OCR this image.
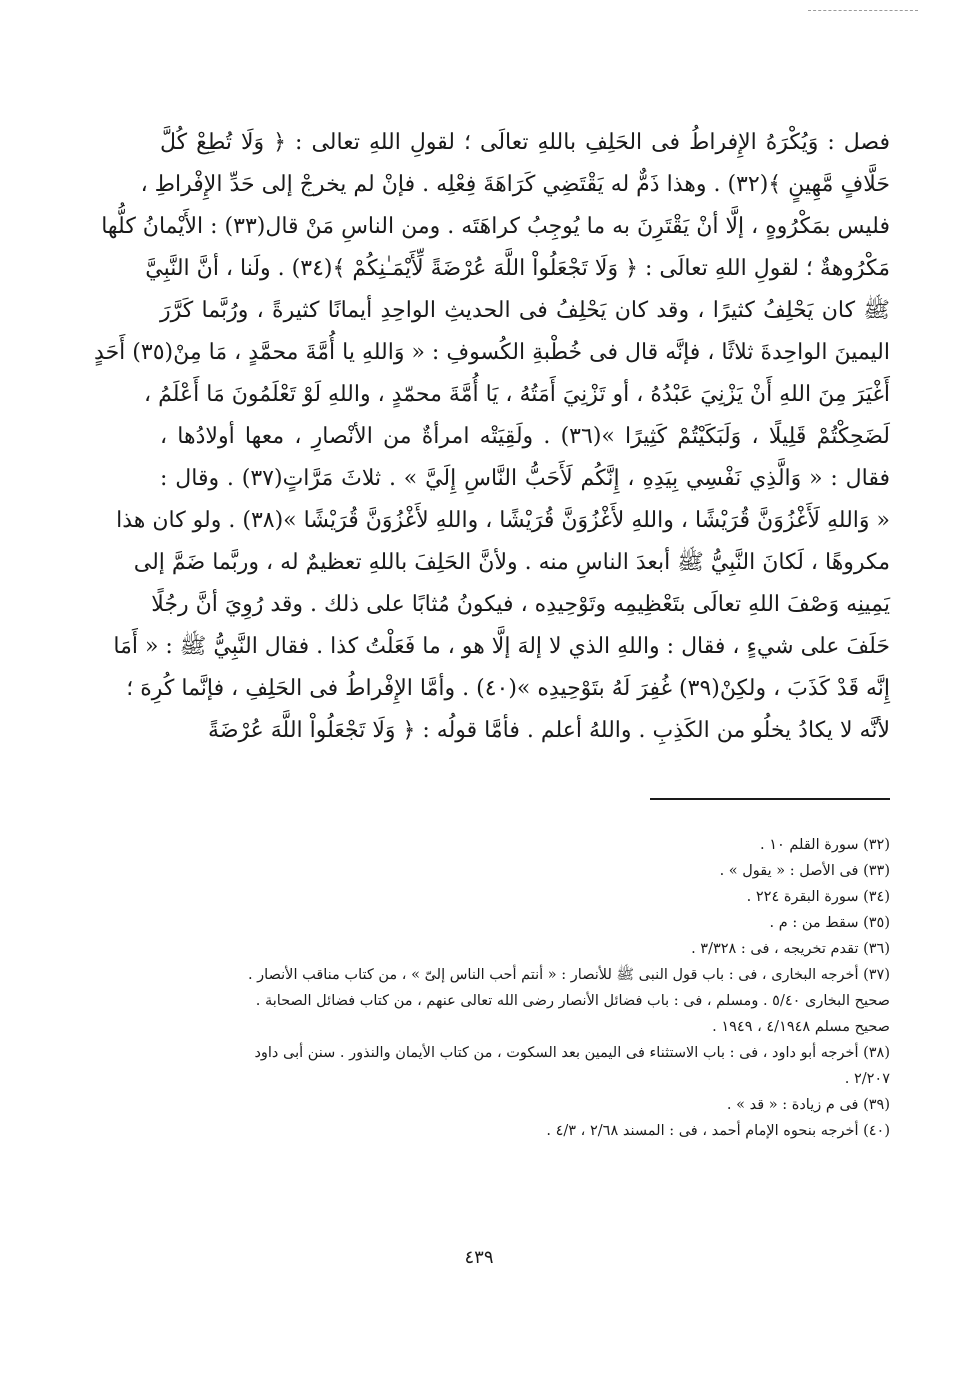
فصل : وَيُكْرَهُ الإِفراطُ فى الحَلِفِ باللهِ تعالَى ؛ لقولِ اللهِ تعالى : ﴿ وَلَا تُطِعْ كُلَّ
حَلَّافٍ مَّهِينٍ ﴾(٣٢) . وهذا ذَمٌّ له يَقْتَضِي كَرَاهَةَ فِعْلِه . فإنْ لم يخرجْ إلى حَدِّ الإِفْراطِ ،
فليس بمَكْرُوهٍ ، إلَّا أنْ يَقْتَرِنَ به ما يُوجِبُ كراهَتَه . ومن الناسِ مَنْ قال(٣٣) : الأَيْمانُ كلُّها
مَكْرُوهةٌ ؛ لقولِ اللهِ تعالَى : ﴿ وَلَا تَجْعَلُواْ اللَّهَ عُرْضَةً لِّأَيْمَـٰنِكُمْ ﴾(٣٤) . ولَنا ، أنَّ النَّبِيَّ
ﷺ كان يَحْلِفُ كثيرًا ، وقد كان يَحْلِفُ فى الحديثِ الواحِدِ أيمانًا كثيرةً ، ورُبَّما كَرَّرَ
اليمينَ الواحِدةَ ثلاثًا ، فإنَّه قال فى خُطْبةِ الكُسوفِ : « وَاللهِ يا أُمَّةَ محمَّدٍ ، مَا مِنْ(٣٥) أَحَدٍ
أَغْيَرَ مِنَ اللهِ أَنْ يَزْنِيَ عَبْدُهُ ، أو تَزْنِيَ أَمَتُهُ ، يَا أُمَّةَ محمّدٍ ، واللهِ لَوْ تَعْلَمُونَ مَا أَعْلَمُ ،
لَضَحِكْتُمْ قَلِيلًا ، وَلَبَكَيْتُمْ كَثِيرًا »(٣٦) . ولَقِيَتْه امرأةٌ من الأنْصارِ ، معها أولادُها ،
فقال : « وَالَّذِي نَفْسِي بِيَدِهِ ، إِنَّكُم لَأَحَبُّ النَّاسِ إِلَيَّ » . ثلاثَ مَرَّاتٍ(٣٧) . وقال :
« وَاللهِ لَأَغْزُوَنَّ قُرَيْشًا ، واللهِ لأَغْزُوَنَّ قُرَيْشًا ، واللهِ لأَغْزُوَنَّ قُرَيْشًا »(٣٨) . ولو كان هذا
مكروهًا ، لَكانَ النَّبِيُّ ﷺ أبعدَ الناسِ منه . ولأنَّ الحَلِفَ باللهِ تعظيمٌ له ، وربَّما ضَمَّ إلى
يَمِينِه وَصْفَ اللهِ تعالَى بتَعْظِيمِه وتَوْحِيدِه ، فيكونُ مُثابًا على ذلك . وقد رُوِيَ أنَّ رجُلًا
حَلَفَ على شيءٍ ، فقال : واللهِ الذي لا إلهَ إلَّا هو ، ما فَعَلْتُ كذا . فقال النَّبِيُّ ﷺ : « أَمَا
إِنَّه قَدْ كَذَبَ ، ولكِنْ(٣٩) غُفِرَ لَهُ بتَوْحِيدِه »(٤٠) . وأمَّا الإِفْراطُ فى الحَلِفِ ، فإنَّما كُرِهَ ؛
لأنَّه لا يكادُ يخلُو من الكَذِبِ . واللهُ أعلم . فأمَّا قولُه : ﴿ وَلَا تَجْعَلُواْ اللَّهَ عُرْضَةً
(٣٢) سورة القلم ١٠ .
(٣٣) فى الأصل : « يقول » .
(٣٤) سورة البقرة ٢٢٤ .
(٣٥) سقط من : م .
(٣٦) تقدم تخريجه ، فى : ٣/٣٢٨ .
(٣٧) أخرجه البخارى ، فى : باب قول النبى ﷺ للأنصار : « أنتم أحب الناس إلىّ » ، من كتاب مناقب الأنصار .
صحيح البخارى ٥/٤٠ . ومسلم ، فى : باب فضائل الأنصار رضى الله تعالى عنهم ، من كتاب فضائل الصحابة .
صحيح مسلم ٤/١٩٤٨ ، ١٩٤٩ .
(٣٨) أخرجه أبو داود ، فى : باب الاستثناء فى اليمين بعد السكوت ، من كتاب الأيمان والنذور . سنن أبى داود
٢/٢٠٧ .
(٣٩) فى م زيادة : « قد » .
(٤٠) أخرجه بنحوه الإمام أحمد ، فى : المسند ٢/٦٨ ، ٤/٣ .
٤٣٩
